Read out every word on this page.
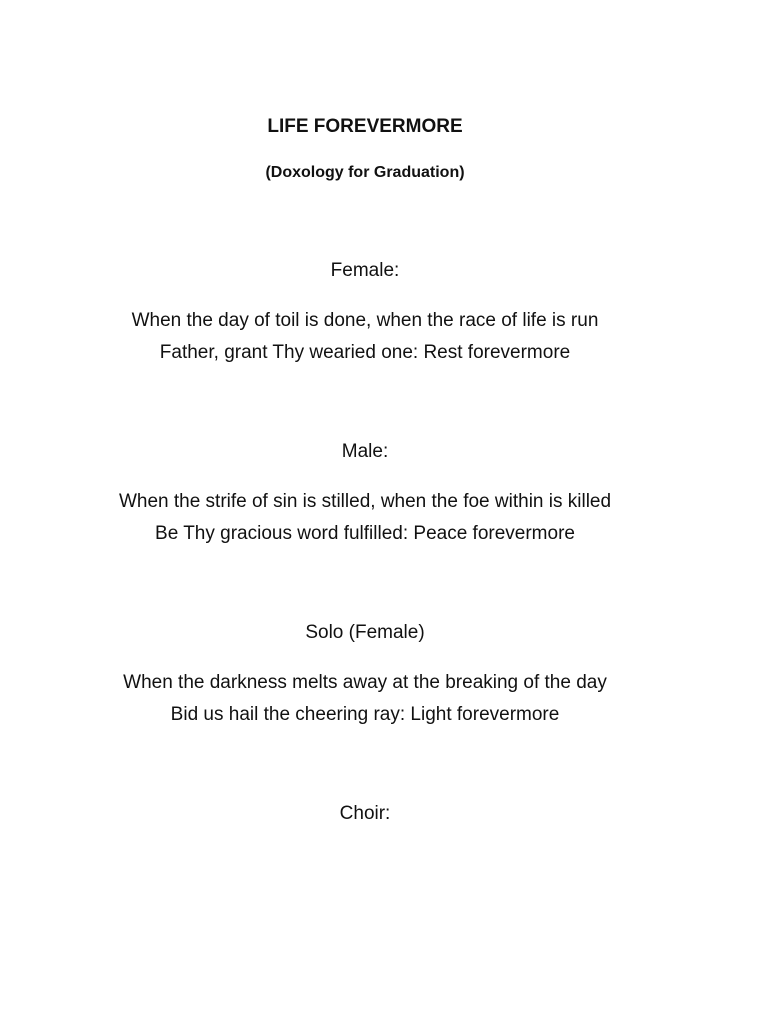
LIFE FOREVERMORE
(Doxology for Graduation)
Female:
When the day of toil is done, when the race of life is run
Father, grant Thy wearied one: Rest forevermore
Male:
When the strife of sin is stilled, when the foe within is killed
Be Thy gracious word fulfilled: Peace forevermore
Solo (Female)
When the darkness melts away at the breaking of the day
Bid us hail the cheering ray: Light forevermore
Choir:
